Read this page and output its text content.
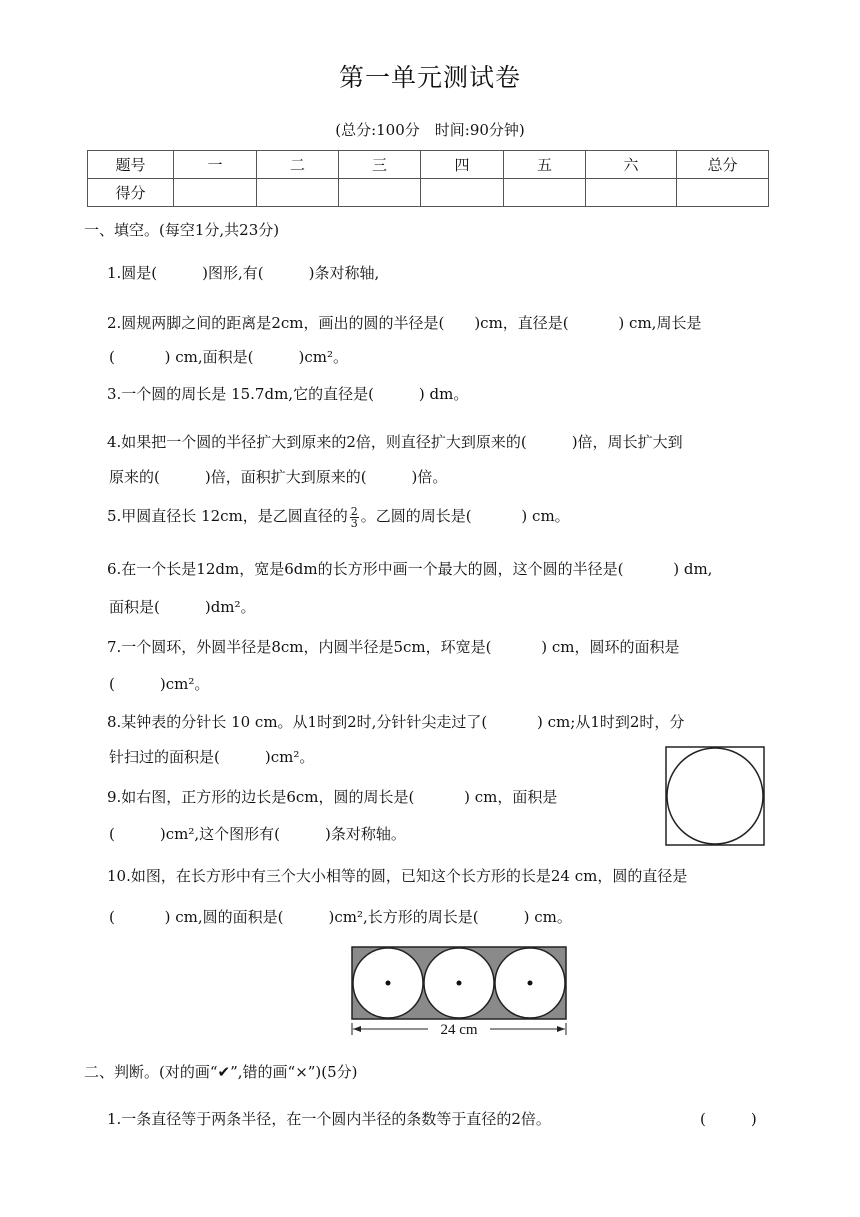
第一单元测试卷
(总分:100分　时间:90分钟)
题号	一	二	三	四	五	六	总分
得分							
一、填空。(每空1分,共23分)
1.圆是(　　　)图形,有(　　　)条对称轴,
2.圆规两脚之间的距离是2cm，画出的圆的半径是(　　)cm，直径是(　　　 ) cm,周长是
(　　　 ) cm,面积是(　　　)cm²。
3.一个圆的周长是 15.7dm,它的直径是(　　　) dm。
4.如果把一个圆的半径扩大到原来的2倍，则直径扩大到原来的(　　　)倍，周长扩大到
原来的(　　　)倍，面积扩大到原来的(　　　)倍。
5.甲圆直径长 12cm，是乙圆直径的 $\frac{2}{3}$ 。乙圆的周长是(　　　 ) cm。
6.在一个长是12dm，宽是6dm的长方形中画一个最大的圆，这个圆的半径是(　　　 ) dm,
面积是(　　　)dm²。
7.一个圆环，外圆半径是8cm，内圆半径是5cm，环宽是(　　　 ) cm，圆环的面积是
(　　　)cm²。
8.某钟表的分针长 10 cm。从1时到2时,分针针尖走过了(　　　 ) cm;从1时到2时，分
针扫过的面积是(　　　)cm²。
9.如右图，正方形的边长是6cm，圆的周长是(　　　 ) cm，面积是
(　　　)cm²,这个图形有(　　　)条对称轴。
10.如图，在长方形中有三个大小相等的圆，已知这个长方形的长是24 cm，圆的直径是
(　　　 ) cm,圆的面积是(　　　)cm²,长方形的周长是(　　　) cm。
24 cm
二、判断。(对的画“✔”,错的画“×”)(5分)
1.一条直径等于两条半径，在一个圆内半径的条数等于直径的2倍。	(　　　)
